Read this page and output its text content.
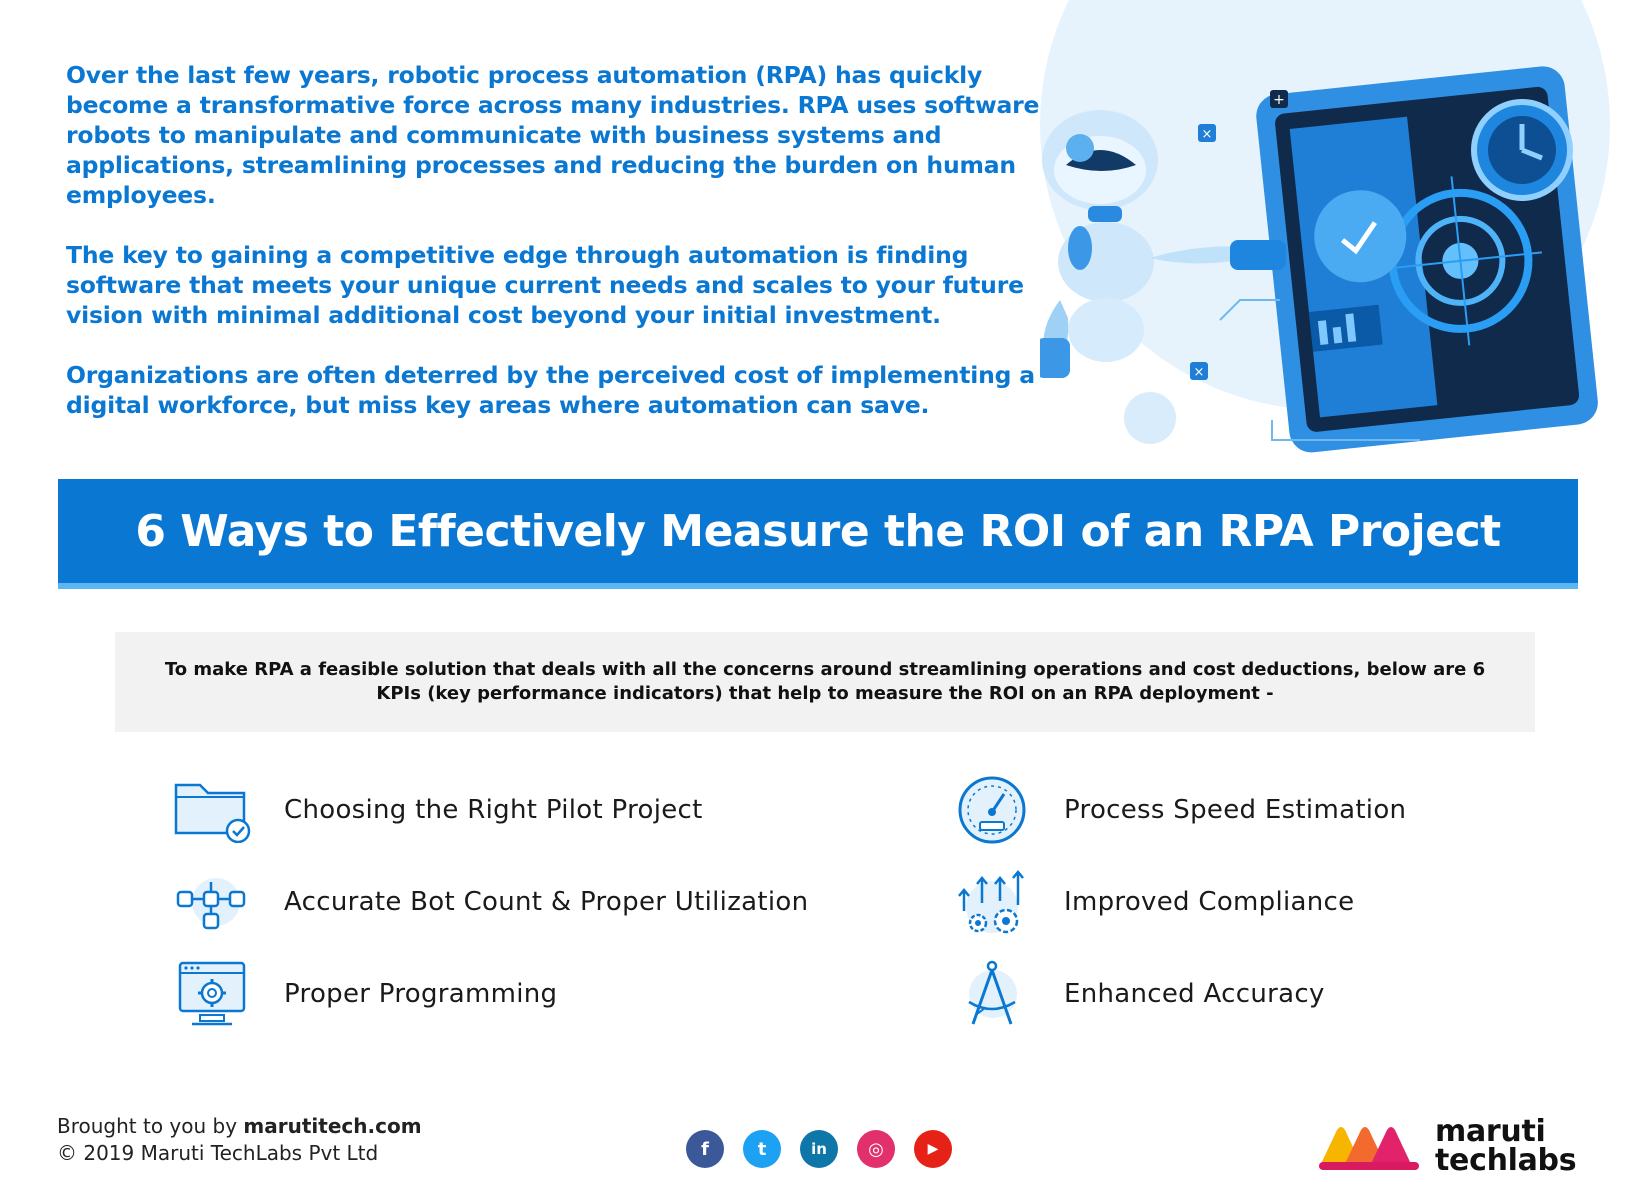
Over the last few years, robotic process automation (RPA) has quickly become a transformative force across many industries. RPA uses software robots to manipulate and communicate with business systems and applications, streamlining processes and reducing the burden on human employees.

The key to gaining a competitive edge through automation is finding software that meets your unique current needs and scales to your future vision with minimal additional cost beyond your initial investment.

Organizations are often deterred by the perceived cost of implementing a digital workforce, but miss key areas where automation can save.

+
×
×
6 Ways to Effectively Measure the ROI of an RPA Project

To make RPA a feasible solution that deals with all the concerns around streamlining operations and cost deductions, below are 6 KPIs (key performance indicators) that help to measure the ROI on an RPA deployment -

Choosing the Right Pilot Project
Accurate Bot Count & Proper Utilization
Proper Programming
Process Speed Estimation
Improved Compliance
Enhanced Accuracy
Brought to you by marutitech.com
© 2019 Maruti TechLabs Pvt Ltd	f	t	in	◎	▶	maruti
techlabs
